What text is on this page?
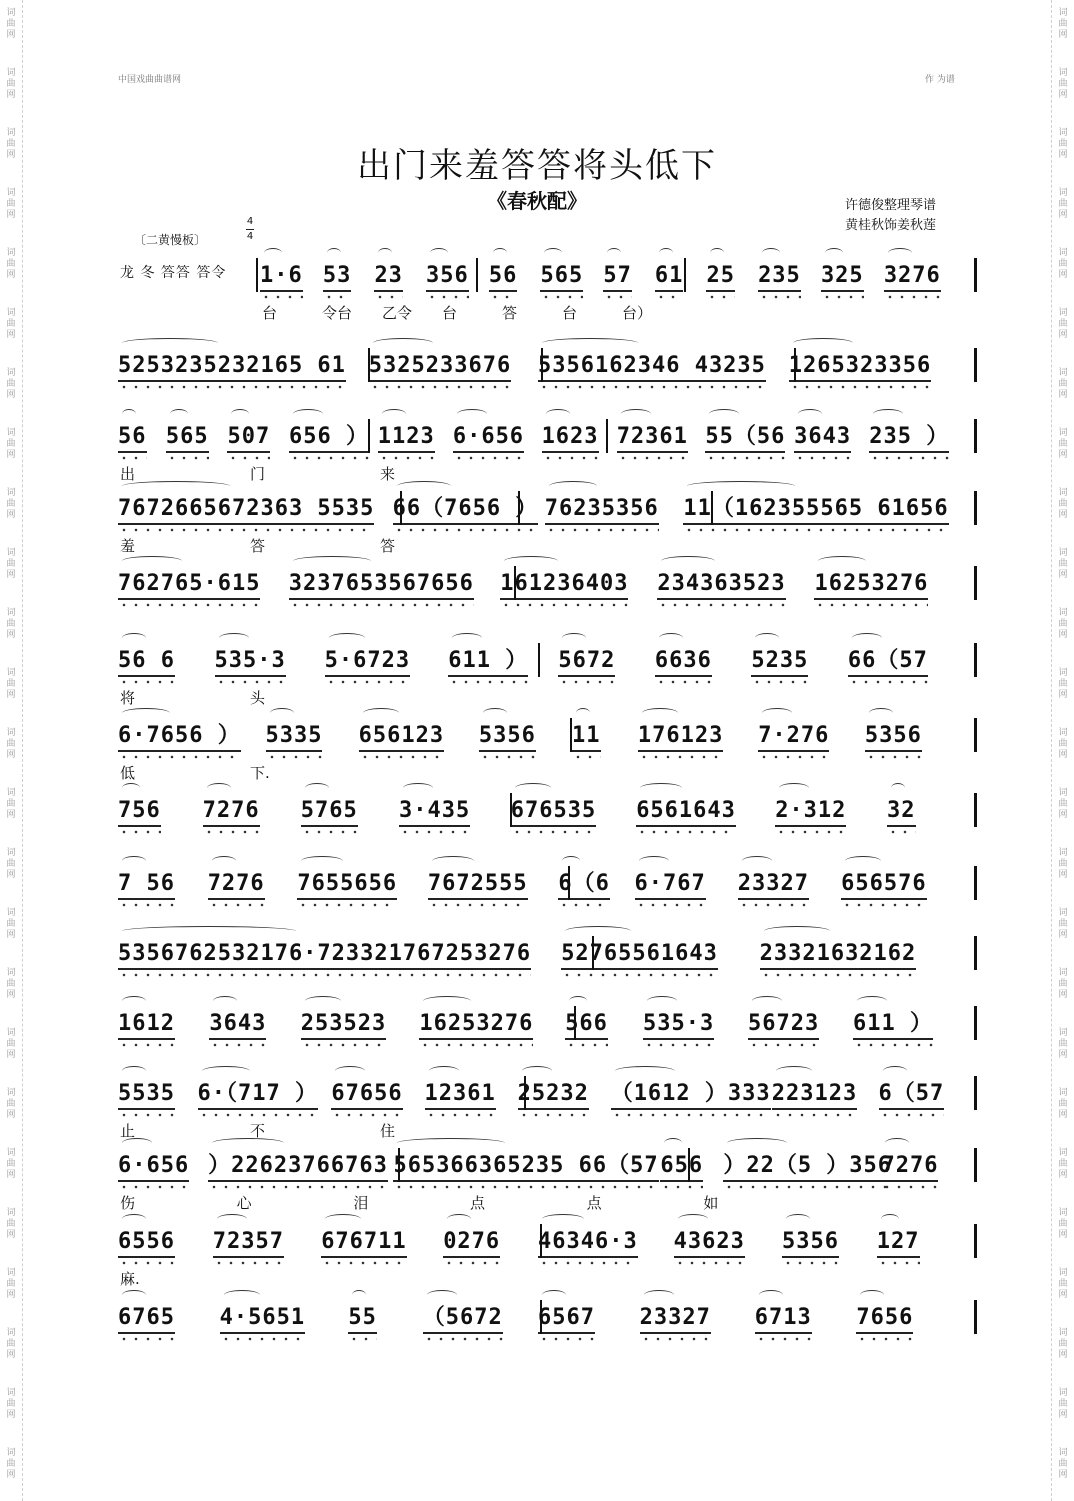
词
曲
网
词
曲
网
词
曲
网
词
曲
网
词
曲
网
词
曲
网
词
曲
网
词
曲
网
词
曲
网
词
曲
网
词
曲
网
词
曲
网
词
曲
网
词
曲
网
词
曲
网
词
曲
网
词
曲
网
词
曲
网
词
曲
网
词
曲
网
词
曲
网
词
曲
网
词
曲
网
词
曲
网
词
曲
网
词
曲
网
词
曲
网
词
曲
网
词
曲
网
词
曲
网
词
曲
网
词
曲
网
词
曲
网
词
曲
网
词
曲
网
词
曲
网
词
曲
网
词
曲
网
词
曲
网
词
曲
网
词
曲
网
词
曲
网
词
曲
网
词
曲
网
词
曲
网
词
曲
网
词
曲
网
词
曲
网
词
曲
网
词
曲
网
中国戏曲曲谱网	作 为谱
出门来羞答答将头低下
《春秋配》	许德俊整理琴谱
黄桂秋饰姜秋莲
〔二黄慢板〕
4
4
龙 冬 答答 答令 1·6 53 23 356 56 565 57 61 25 235 325 3276
台	令台 乙令 台	答	台	台）
5253235232165 61 5325233676 5356162346 43235 1265323356
56 565 507 656 ） 1123 6·656 1623 72361 55（56 3643 235 ）
出	门	来
7672665672363 5535 66（7656 ） 76235356 11（162355565 61656
羞	答	答
762765·615 3237653567656 161236403 234363523 16253276
56 6 535·3 5·6723 611 ） 5672 6636 5235 66（57
将	头
6·7656 ） 5335 656123 5356 11 176123 7·276 5356
低	下.
756 7276 5765 3·435 676535 6561643 2·312 32
7 56 7276 7655656 7672555 6（6 6·767 23327 656576
5356762532176·723321767253276 52765561643 23321632162
1612 3643 253523 16253276 566 535·3 56723 611 ）
5535 6·（717 ） 67656 12361 25232 （1612 ）333 223123 6（57
止	不	住
6·656 ）22623766763 565366365235 66（57 656 ）22（5 ）356
7276
伤	心	泪	点	点	如
6556 72357 676711 0276 46346·3 43623 5356 127
麻.
6765 4·5651 55 （5672 6567 23327 6713 7656
